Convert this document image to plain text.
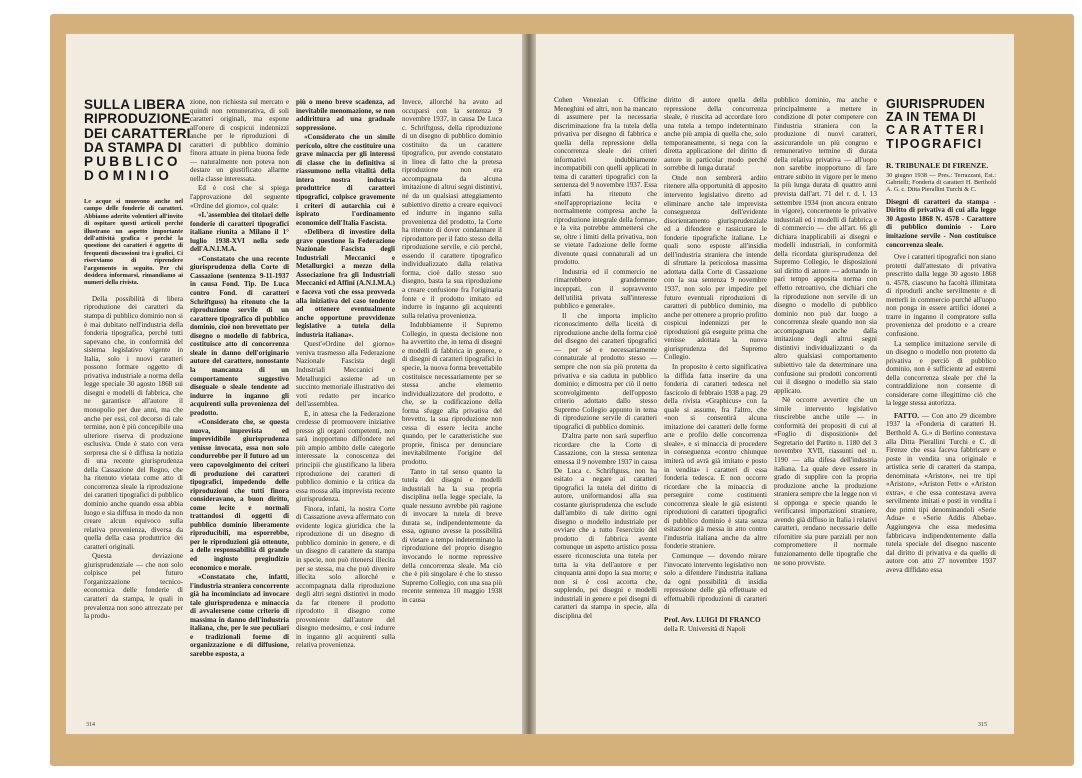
SULLA LIBERA
RIPRODUZIONE
DEI CARATTERI
DA STAMPA DI
PUBBLICO
DOMINIO

Le acque si muovono anche nel campo delle fonderie di caratteri. Abbiamo aderito volentieri all'invito di ospitare questi articoli perché illustrano un aspetto importante dell'attività grafica e perché la questione dei caratteri è oggetto di frequenti discussioni tra i grafici. Ci riserviamo di riprendere l'argomento in seguito. Per chi desidera informarsi, rimandiamo ai numeri della rivista.

Della possibilità di libera riproduzione dei caratteri da stampa di pubblico dominio non si è mai dubitato nell'industria della fonderia tipografica, perché tutti sapevano che, in conformità del sistema legislativo vigente in Italia, solo i nuovi caratteri possono formare oggetto di privativa industriale a norma della legge speciale 30 agosto 1868 sui disegni e modelli di fabbrica, che ne garantisce all'autore il monopolio per due anni, ma che anche per essi, col decorso di tale termine, non è più concepibile una ulteriore riserva di produzione esclusiva. Onde è stato con vera sorpresa che si è diffusa la notizia di una recente giurisprudenza della Cassazione del Regno, che ha ritenuto vietata come atto di concorrenza sleale la riproduzione dei caratteri tipografici di pubblico dominio anche quando essa abbia luogo e sia diffusa in modo da non creare alcun equivoco sulla relativa provenienza, diversa da quella della casa produttrice dei caratteri originali.

Questa deviazione giurisprudenziale — che non solo colpisce pel futuro l'organizzazione tecnico-economica delle fonderie di caratteri da stampa, le quali in prevalenza non sono attrezzate per la produ-

zione, non richiesta sul mercato e quindi non remunerativa, di soli caratteri originali, ma espone all'onere di cospicui indennizzi anche per le riproduzioni di caratteri di pubblico dominio finora attuate in piena buona fede — naturalmente non poteva non destare un giustificato allarme nella classe interessata.

Ed è così che si spiega l'approvazione del seguente «Ordine del giorno», col quale:

«L'assemblea dei titolari delle fonderie di caratteri tipografici italiane riunita a Milano il 1° luglio 1938-XVI nella sede dell'A.N.I.M.A.

«Constatato che una recente giurisprudenza della Corte di Cassazione (sentenza 9-11-1937 in causa Fond. Tip. De Luca contro Fond. di caratteri Schriftguss) ha ritenuto che la riproduzione servile di un carattere tipografico di pubblico dominio, cioè non brevettato per disegno o modello di fabbrica, costituisce atto di concorrenza sleale in danno dell'originario autore del carattere, nonostante la mancanza di un comportamento suggestivo diseguale o sleale tendente ad indurre in inganno gli acquirenti sulla provenienza del prodotto.

«Considerato che, se questa nuova, imprevista ed imprevidibile giurisprudenza venisse invocata, essa non solo condurrebbe per il futuro ad un vero capovolgimento dei criteri di produzione dei caratteri tipografici, impedendo delle riproduzioni che tutti finora consideravano, a buon diritto, come lecite e normali trattandosi di oggetti di pubblico dominio liberamente riproducibili, ma esporrebbe, per le riproduzioni già ottenute, a delle responsabilità di grande ed ingiusto pregiudizio economico e morale.

«Constatato che, infatti, l'industria straniera concorrente già ha incominciato ad invocare tale giurisprudenza e minaccia di avvalersene come criterio di massima in danno dell'industria italiana, che, per le sue peculiari e tradizionali forme di organizzazione e di diffusione, sarebbe esposta, a

più o meno breve scadenza, ad inevitabile menomazione, se non addirittura ad una graduale soppressione.

«Considerato che un simile pericolo, oltre che costituire una grave minaccia per gli interessi di classe che in definitiva si riassumono nella vitalità della intera nostra industria produttrice di caratteri tipografici, colpisce gravemente i criteri di autarchia cui è ispirato l'ordinamento economico dell'Italia Fascista.

«Delibera di investire della grave questione la Federazione Nazionale Fascista degli Industriali Meccanici e Metallurgici a mezzo della Associazione fra gli Industriali Meccanici ed Affini (A.N.I.M.A.) e faceva voti che essa provveda alla iniziativa del caso tendente ad ottenere eventualmente anche opportune provvidenze legislative a tutela della industria italiana».

Quest'«Ordine del giorno» veniva trasmesso alla Federazione Nazionale Fascista degli Industriali Meccanici e Metallurgici assieme ad un succinto memoriale illustrativo dei voti redatto per incarico dell'assemblea.

E, in attesa che la Federazione credesse di promuovere iniziative presso gli organi competenti, non sarà inopportuno diffondere nel più ampio ambito delle categorie interessate la conoscenza dei principii che giustificano la libera riproduzione dei caratteri di pubblico dominio e la critica da essa mossa alla imprevista recente giurisprudenza.

Finora, infatti, la nostra Corte di Cassazione aveva affermato con evidente logica giuridica che la riproduzione di un disegno di pubblico dominio in genere, e di un disegno di carattere da stampa in specie, non può ritenersi illecita per se stessa, ma che può divenire illecita solo allorché e accompagnata dalla riproduzione degli altri segni distintivi in modo da far ritenere il prodotto riprodotto il disegno come proveniente dall'autore del disegno medesimo, e così indurre in inganno gli acquirenti sulla relativa provenienza.

Invece, allorché ha avuto ad occuparsi con la sentenza 9 novembre 1937, in causa De Luca c. Schriftguss, della riproduzione di un disegno di pubblico dominio costituito da un carattere tipografico, pur avendo constatato in linea di fatto che la pretesa riproduzione non era accompagnata da alcuna imitazione di altrui segni distintivi, né da un qualsiasi atteggiamento subiettivo diretto a creare equivoci ed indurre in inganno sulla provenienza del prodotto, la Corte ha ritenuto di dover condannare il riproduttore per il fatto stesso della riproduzione servile, e ciò perché, essendo il carattere tipografico individualizzato dalla relativa forma, cioè dallo stesso suo disegno, basta la sua riproduzione a creare confusione fra l'originaria fonte e il prodotto imitato ed indurre in inganno gli acquirenti sulla relativa provenienza.

Indubbiamente il Supremo Collegio, in questa decisione non ha avvertito che, in tema di disegni e modelli di fabbrica in genere, e di disegni di caratteri tipografici in specie, la nuova forma brevettabile costituisce necessariamente per se stessa anche elemento individualizzatore del prodotto, e che, se la codificazione della forma sfugge alla privativa del brevetto, la sua riproduzione non cessa di essere lecita anche quando, per le caratteristiche sue proprie, finisca per denunciare inevitabilmente l'origine del prodotto.

Tanto in tal senso quanto la tutela dei disegni e modelli industriali ha la sua propria disciplina nella legge speciale, la quale nessuno avrebbe più ragione di invocare la tutela di breve durata se, indipendentemente da essa, ognuno avesse la possibilità di vietare a tempo indeterminato la riproduzione del proprio disegno invocando le norme repressive della concorrenza sleale. Ma ciò che è più singolare è che lo stesso Supremo Collegio, con una sua più recente sentenza 10 maggio 1938 in causa

314

Cohen Venezian c. Officine Meneghini ed altri, non ha mancato di assumere per la necessaria discriminazione fra la tutela della privativa per disegno di fabbrica e quella della repressione della concorrenza sleale dei criteri informativi indubbiamente incompatibili con quelli applicati in tema di caratteri tipografici con la sentenza del 9 novembre 1937. Essa infatti ha ritenuto che «nell'appropriazione lecita e normalmente compresa anche la riproduzione integrale della forma», e la vita potrebbe ammettersi che se, oltre i limiti della privativa, non se vietate l'adozione delle forme divenute quasi connaturali ad un prodotto.

Industria ed il commercio ne rimarrebbero grandemente inceppati, con il sopravvento dell'utilità privata sull'interesse pubblico e generale».

Il che importa implicito riconoscimento della liceità di riproduzione anche della forma cioè del disegno dei caratteri tipografici — per sé e necessariamente connaturale al prodotto stesso — sempre che non sia più protetta da privativa e sia caduta in pubblico dominio; e dimostra per ciò il netto sconvolgimento dell'opposto criterio adottato dallo stesso Supremo Collegio appunto in tema di riproduzione servile di caratteri tipografici di pubblico dominio.

D'altra parte non sarà superfluo ricordare che la Corte di Cassazione, con la stessa sentenza emessa il 9 novembre 1937 in causa De Luca c. Schriftguss, non ha esitato a negare ai caratteri tipografici la tutela del diritto di autore, uniformandosi alla sua costante giurisprudenza che esclude dall'ambito di tale diritto ogni disegno o modello industriale per ovviare che a tutto l'esercizio del prodotto di fabbrica avente comunque un aspetto artistico possa essere riconosciuta una tutela per tutta la vita dell'autore e per cinquanta anni dopo la sua morte; e non si è così accorta che, supplendo, pei disegni e modelli industriali in genere e pei disegni di caratteri da stampa in specie, alla disciplina del

diritto di autore quella della repressione della concorrenza sleale, è riuscita ad accordare loro una tutela a tempo indeterminato anche più ampia di quella che, solo temporaneamente, si nega con la diretta applicazione del diritto di autore in particolar modo perché sorrebbe di lunga durata!

Onde non sembrerà ardito ritenere alla opportunità di apposito intervento legislativo diretto ad eliminare anche tale imprevista conseguenza dell'evidente disorientamento giurisprudenziale ed a difendere e rassicurare le fonderie tipografiche italiane. Le quali sono esposte all'insidia dell'industria straniera che intende di sfruttare la pericolosa massima adottata dalla Corte di Cassazione con la sua sentenza 9 novembre 1937, non solo per impedire pel futuro eventuali riproduzioni di caratteri di pubblico dominio, ma anche per ottenere a proprio profitto cospicui indennizzi per le riproduzioni già eseguite prima che venisse adottata la nuova giurisprudenza del Supremo Collegio.

In proposito è certo significativa la diffida fatta inserire da una fonderia di caratteri tedesca nel fascicolo di febbraio 1938 a pag. 29 della rivista «Graphicus» con la quale si assume, fra l'altro, che «non si consentirà alcuna imitazione dei caratteri delle forme arte e profilo delle concorrenza sleale», e si minaccia di procedere in conseguenza «contro chiunque imiterà od avrà già imitato e posto in vendita» i caratteri di essa fonderia tedesca. E non occorre ricordare che la minaccia di perseguire come costituenti concorrenza sleale le già esistenti riproduzioni di caratteri tipografici di pubblico dominio è stata senza esitazione già messa in atto contro l'industria italiana anche da altre fonderie straniere.

Comunque — dovendo mirare l'invocato intervento legislativo non solo a difendere l'industria italiana da ogni possibilità di insidia repressione delle già effettuate ed effettuabili riproduzioni di caratteri di

Prof. Avv. LUIGI DI FRANCO

della R. Università di Napoli

pubblico dominio, ma anche e principalmente a mettere in condizione di poter competere con l'industria straniera con la produzione di nuovi caratteri, assicurandole un più congruo e remunerativo termine di durata della relativa privativa — all'uopo non sarebbe inopportuno di fare entrare subito in vigore per le meno la più lunga durata di quattro anni prevista dall'art. 71 del r. d. l. 13 settembre 1934 (non ancora entrato in vigore), concernente le privative industriali ed i modelli di fabbrica e di commercio — che all'art. 66 gli dichiara inapplicabili ai disegni e modelli industriali, in conformità della ricordata giurisprudenza del Supremo Collegio, le disposizioni sul diritto di autore — adottando in pari tempo apposita norma con effetto retroattivo, che dichiari che la riproduzione non servile di un disegno o modello di pubblico dominio non può dar luogo a concorrenza sleale quando non sia accompagnata anche dalla imitazione degli altrui segni distintivi individualizzanti o da altro qualsiasi comportamento subiettivo tale da determinare una confusione sui prodotti concorrenti cui il disegno o modello sia stato applicato.

Nè occorre avvertire che un simile intervento legislativo riuscirebbe anche utile — in conformità dei propositi di cui al «Foglio di disposizioni» del Segretario del Partito n. 1180 del 3 novembre XVII, riassunti nel n. 1190 — alla difesa dell'industria italiana. La quale deve essere in grado di supplire con la propria produzione anche la produzione straniera sempre che la legge non vi si opponga e specie quando le verificatesi importazioni straniere, avendo già diffuso in Italia i relativi caratteri, rendano necessarie delle rifornitire sia pure parziali per non compromettere il normale funzionamento delle tipografie che ne sono provviste.

GIURISPRUDEN
ZA IN TEMA DI
CARATTERI
TIPOGRAFICI

R. TRIBUNALE DI FIRENZE.

30 giugno 1938 — Pres.: Terrazzani, Est.: Gabrielli; Fonderia di caratteri H. Berthold A. G. c. Ditta Pierallini Turchi & C.

Disegni di caratteri da stampa - Diritto di privativa di cui alla legge 30 Agosto 1868 N. 4578 - Carattere di pubblico dominio - Loro imitazione servile - Non costituisce concorrenza sleale.

Ove i caratteri tipografici non siano protetti dall'attestato di privativa prescritto dalla legge 30 agosto 1868 n. 4578, ciascuno ha facoltà illimitata di riprodurli anche servilmente e di metterli in commercio purché all'uopo non ponga in essere artifici idonei a trarre in inganno il compratore sulla provenienza del prodotto e a creare confusione.

La semplice imitazione servile di un disegno o modello non protetto da privativa e perciò di pubblico dominio, non è sufficiente ad estremi della concorrenza sleale per ché la contraddizione non consente di considerare come illegittimo ciò che la legge stessa autorizza.

FATTO. — Con atto 29 dicembre 1937 la «Fonderia di caratteri H. Berthold A. G.» di Berlino contestava alla Ditta Pierallini Turchi e C. di Firenze che essa faceva fabbricare e poste in vendita una originale e artistica serie di caratteri da stampa, denominata «Ariston», nei tre tipi «Ariston», «Ariston Fett» e «Ariston extra», e che essa contestava aveva servilmente imitati e posti in vendita i due primi tipi denominandoli «Serie Adua» e «Serie Addis Abeba». Aggiungeva che essa medesima fabbricava indipendentemente dalla tutela speciale del disegno nascente dal diritto di privativa e da quello di autore con atto 27 novembre 1937 aveva diffidato essa

315
